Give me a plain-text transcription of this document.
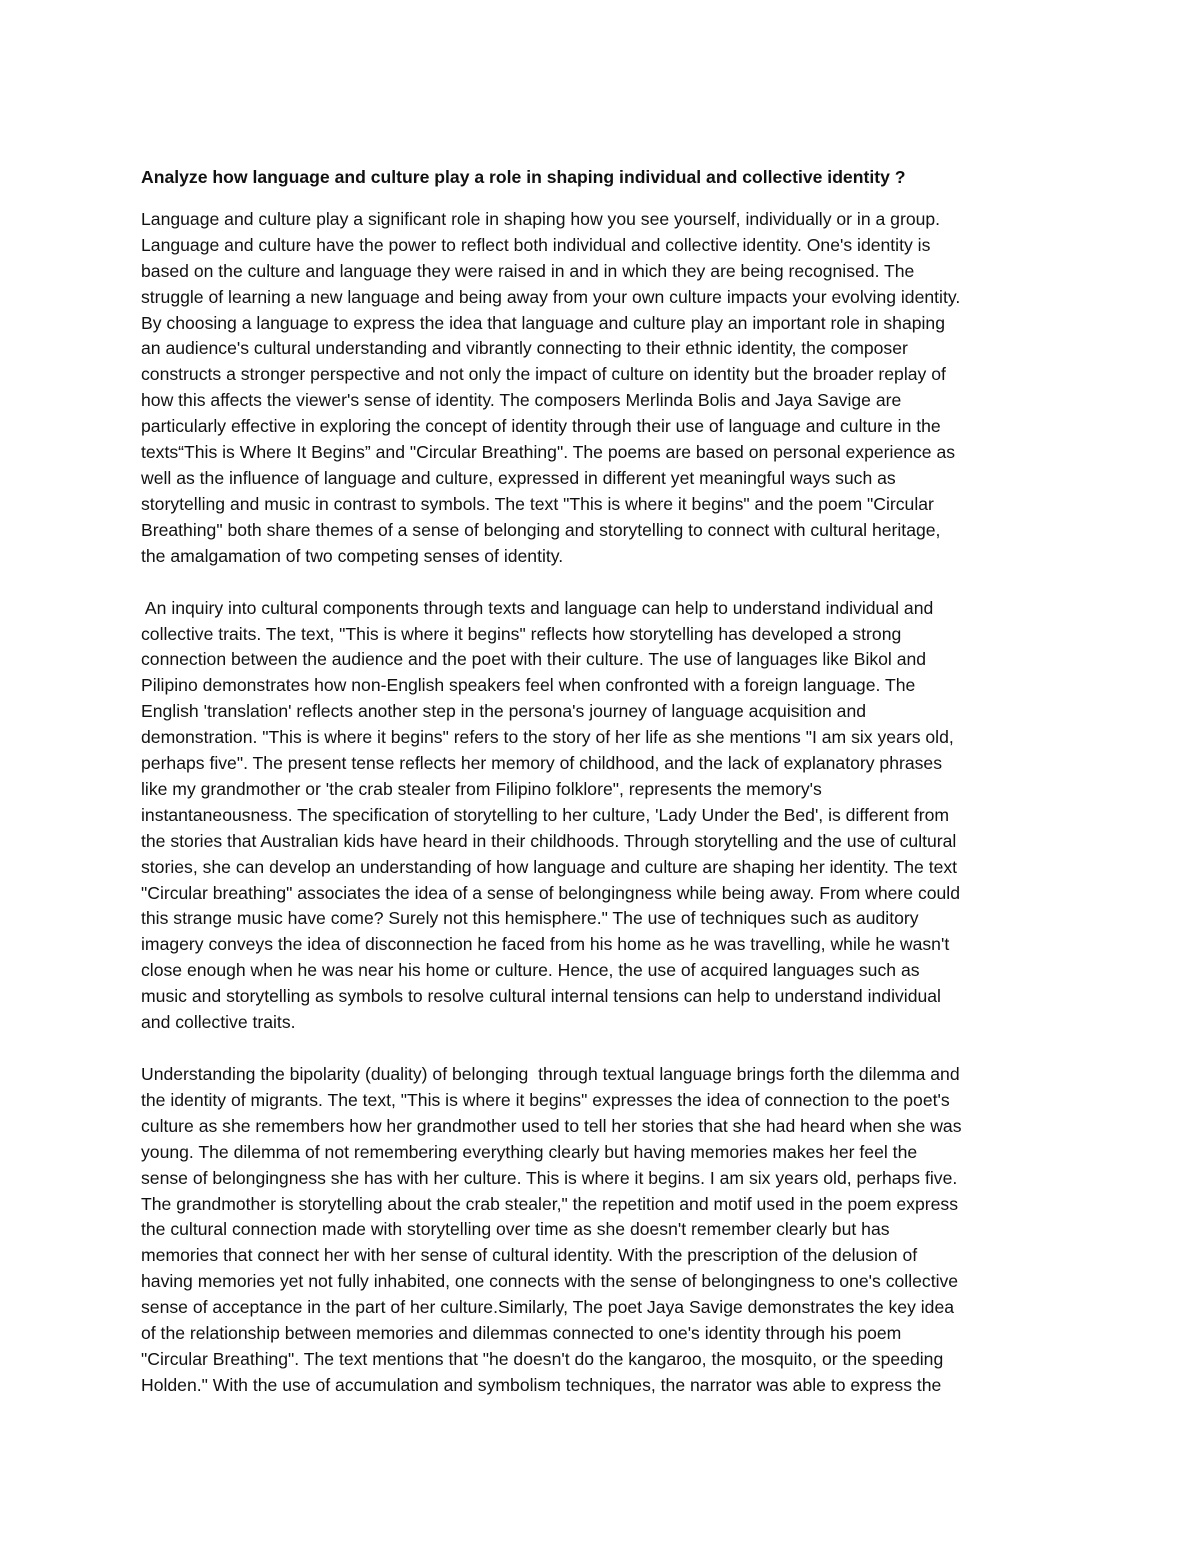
Analyze how language and culture play a role in shaping individual and collective identity ?
Language and culture play a significant role in shaping how you see yourself, individually or in a group.
Language and culture have the power to reflect both individual and collective identity. One's identity is
based on the culture and language they were raised in and in which they are being recognised. The
struggle of learning a new language and being away from your own culture impacts your evolving identity.
By choosing a language to express the idea that language and culture play an important role in shaping
an audience's cultural understanding and vibrantly connecting to their ethnic identity, the composer
constructs a stronger perspective and not only the impact of culture on identity but the broader replay of
how this affects the viewer's sense of identity. The composers Merlinda Bolis and Jaya Savige are
particularly effective in exploring the concept of identity through their use of language and culture in the
texts“This is Where It Begins” and "Circular Breathing". The poems are based on personal experience as
well as the influence of language and culture, expressed in different yet meaningful ways such as
storytelling and music in contrast to symbols. The text "This is where it begins" and the poem "Circular
Breathing" both share themes of a sense of belonging and storytelling to connect with cultural heritage,
the amalgamation of two competing senses of identity.
An inquiry into cultural components through texts and language can help to understand individual and
collective traits. The text, "This is where it begins" reflects how storytelling has developed a strong
connection between the audience and the poet with their culture. The use of languages like Bikol and
Pilipino demonstrates how non-English speakers feel when confronted with a foreign language. The
English 'translation' reflects another step in the persona's journey of language acquisition and
demonstration. "This is where it begins" refers to the story of her life as she mentions "I am six years old,
perhaps five". The present tense reflects her memory of childhood, and the lack of explanatory phrases
like my grandmother or 'the crab stealer from Filipino folklore", represents the memory's
instantaneousness. The specification of storytelling to her culture, 'Lady Under the Bed', is different from
the stories that Australian kids have heard in their childhoods. Through storytelling and the use of cultural
stories, she can develop an understanding of how language and culture are shaping her identity. The text
"Circular breathing" associates the idea of a sense of belongingness while being away. From where could
this strange music have come? Surely not this hemisphere." The use of techniques such as auditory
imagery conveys the idea of disconnection he faced from his home as he was travelling, while he wasn't
close enough when he was near his home or culture. Hence, the use of acquired languages such as
music and storytelling as symbols to resolve cultural internal tensions can help to understand individual
and collective traits.
Understanding the bipolarity (duality) of belonging  through textual language brings forth the dilemma and
the identity of migrants. The text, "This is where it begins" expresses the idea of connection to the poet's
culture as she remembers how her grandmother used to tell her stories that she had heard when she was
young. The dilemma of not remembering everything clearly but having memories makes her feel the
sense of belongingness she has with her culture. This is where it begins. I am six years old, perhaps five.
The grandmother is storytelling about the crab stealer," the repetition and motif used in the poem express
the cultural connection made with storytelling over time as she doesn't remember clearly but has
memories that connect her with her sense of cultural identity. With the prescription of the delusion of
having memories yet not fully inhabited, one connects with the sense of belongingness to one's collective
sense of acceptance in the part of her culture.Similarly, The poet Jaya Savige demonstrates the key idea
of the relationship between memories and dilemmas connected to one's identity through his poem
"Circular Breathing". The text mentions that "he doesn't do the kangaroo, the mosquito, or the speeding
Holden." With the use of accumulation and symbolism techniques, the narrator was able to express the
